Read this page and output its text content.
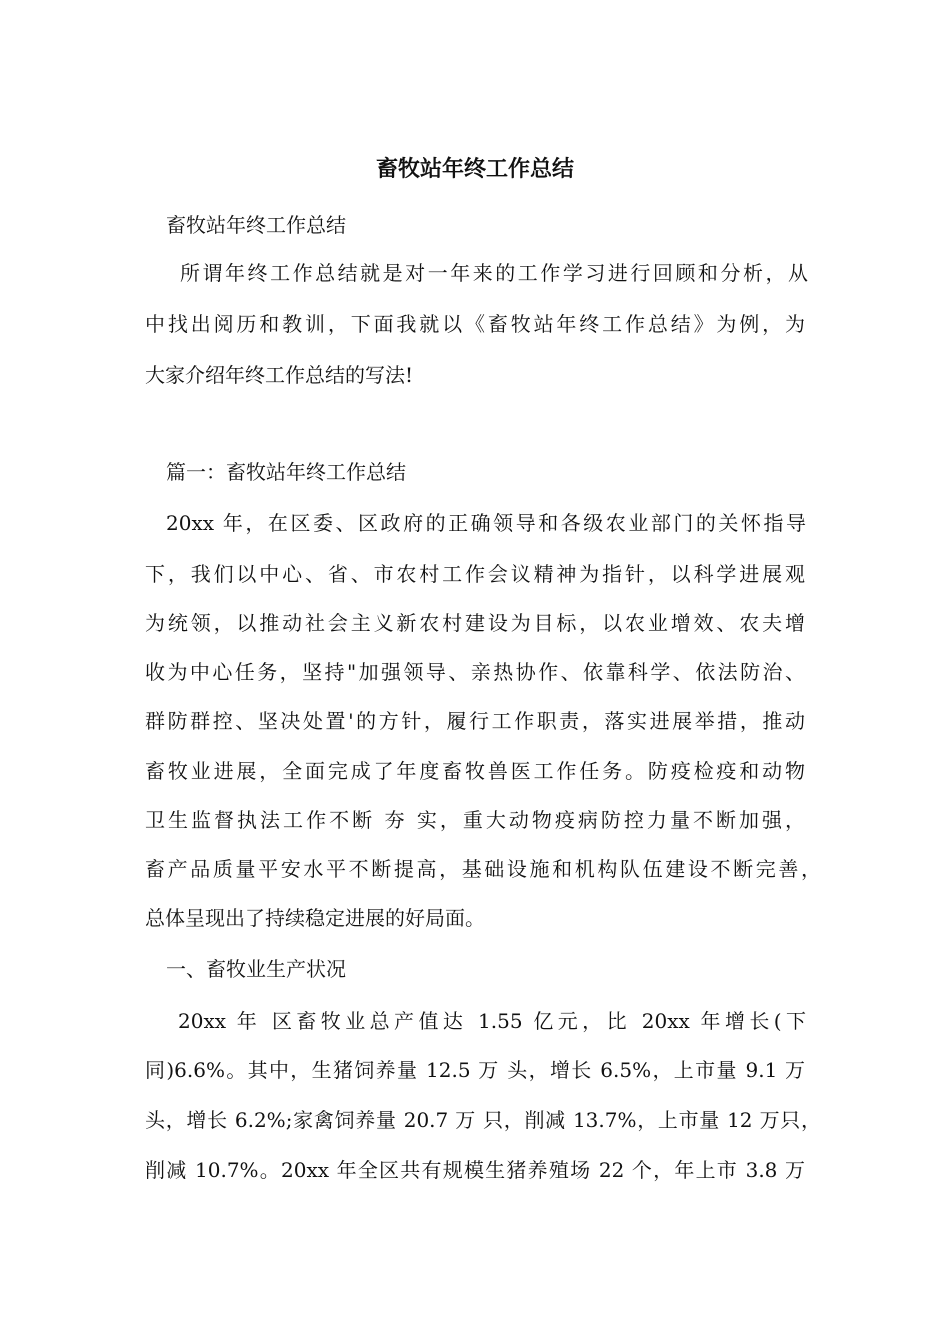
畜牧站年终工作总结
畜牧站年终工作总结
所谓年终工作总结就是对一年来的工作学习进行回顾和分析，从
中找出阅历和教训，下面我就以《畜牧站年终工作总结》为例，为
大家介绍年终工作总结的写法!
篇一：畜牧站年终工作总结
20xx 年，在区委、区政府的正确领导和各级农业部门的关怀指导
下，我们以中心、省、市农村工作会议精神为指针，以科学进展观
为统领，以推动社会主义新农村建设为目标，以农业增效、农夫增
收为中心任务，坚持"加强领导、亲热协作、依靠科学、依法防治、
群防群控、坚决处置'的方针，履行工作职责，落实进展举措，推动
畜牧业进展，全面完成了年度畜牧兽医工作任务。防疫检疫和动物
卫生监督执法工作不断 夯 实，重大动物疫病防控力量不断加强，
畜产品质量平安水平不断提高，基础设施和机构队伍建设不断完善，
总体呈现出了持续稳定进展的好局面。
一、畜牧业生产状况
20xx 年 区畜牧业总产值达 1.55 亿元，比 20xx 年增长(下
同)6.6%。其中，生猪饲养量 12.5 万 头，增长 6.5%，上市量 9.1 万
头，增长 6.2%;家禽饲养量 20.7 万 只，削减 13.7%，上市量 12 万只，
削减 10.7%。20xx 年全区共有规模生猪养殖场 22 个，年上市 3.8 万
